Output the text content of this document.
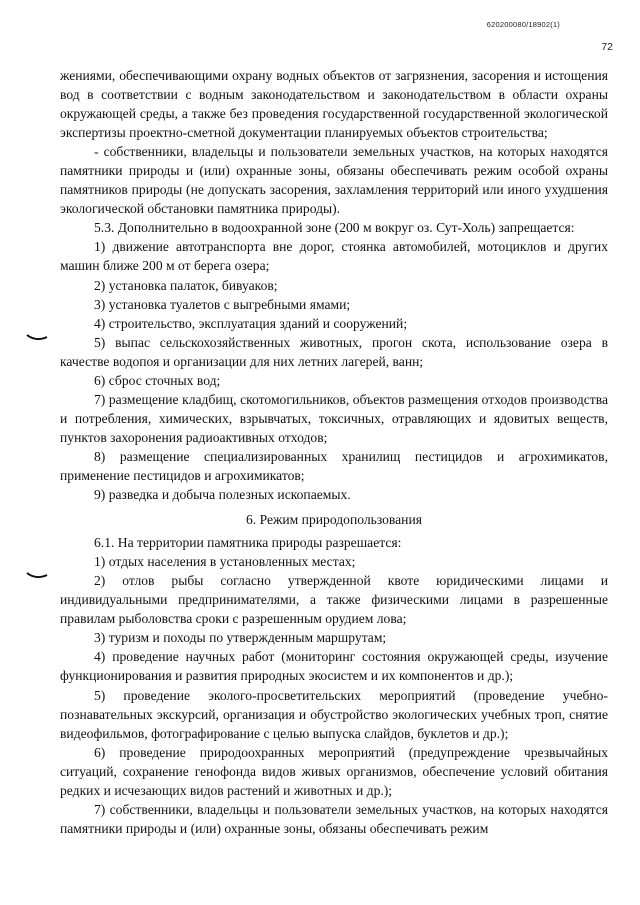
620200080/18902(1)
72

жениями, обеспечивающими охрану водных объектов от загрязнения, засорения и истощения вод в соответствии с водным законодательством и законодательством в области охраны окружающей среды, а также без проведения государственной государственной экологической экспертизы проектно-сметной документации планируемых объектов строительства;

- собственники, владельцы и пользователи земельных участков, на которых находятся памятники природы и (или) охранные зоны, обязаны обеспечивать режим особой охраны памятников природы (не допускать засорения, захламления территорий или иного ухудшения экологической обстановки памятника природы).

5.3. Дополнительно в водоохранной зоне (200 м вокруг оз. Сут-Холь) запрещается:

1) движение автотранспорта вне дорог, стоянка автомобилей, мотоциклов и других машин ближе 200 м от берега озера;

2) установка палаток, бивуаков;

3) установка туалетов с выгребными ямами;

4) строительство, эксплуатация зданий и сооружений;

5) выпас сельскохозяйственных животных, прогон скота, использование озера в качестве водопоя и организации для них летних лагерей, ванн;

6) сброс сточных вод;

7) размещение кладбищ, скотомогильников, объектов размещения отходов производства и потребления, химических, взрывчатых, токсичных, отравляющих и ядовитых веществ, пунктов захоронения радиоактивных отходов;

8) размещение специализированных хранилищ пестицидов и агрохимикатов, применение пестицидов и агрохимикатов;

9) разведка и добыча полезных ископаемых.

6. Режим природопользования

6.1. На территории памятника природы разрешается:

1) отдых населения в установленных местах;

2) отлов рыбы согласно утвержденной квоте юридическими лицами и индивидуальными предпринимателями, а также физическими лицами в разрешенные правилам рыболовства сроки с разрешенным орудием лова;

3) туризм и походы по утвержденным маршрутам;

4) проведение научных работ (мониторинг состояния окружающей среды, изучение функционирования и развития природных экосистем и их компонентов и др.);

5) проведение эколого-просветительских мероприятий (проведение учебно-познавательных экскурсий, организация и обустройство экологических учебных троп, снятие видеофильмов, фотографирование с целью выпуска слайдов, буклетов и др.);

6) проведение природоохранных мероприятий (предупреждение чрезвычайных ситуаций, сохранение генофонда видов живых организмов, обеспечение условий обитания редких и исчезающих видов растений и животных и др.);

7) собственники, владельцы и пользователи земельных участков, на которых находятся памятники природы и (или) охранные зоны, обязаны обеспечивать режим
